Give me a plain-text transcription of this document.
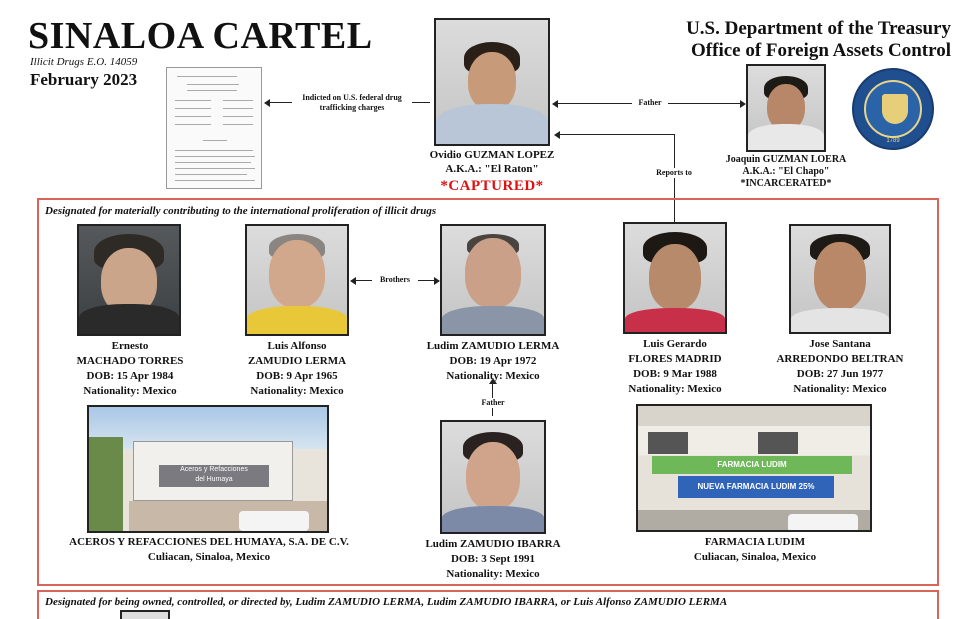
SINALOA CARTEL
Illicit Drugs E.O. 14059
February 2023
U.S. Department of the Treasury
Office of Foreign Assets Control
1789
Indicted on U.S. federal drug trafficking charges
Ovidio GUZMAN LOPEZ
A.K.A.: "El Raton"
*CAPTURED*
Father
Joaquin GUZMAN LOERA
A.K.A.: "El Chapo"
*INCARCERATED*
Reports to
Designated for materially contributing to the international proliferation of illicit drugs
Ernesto
MACHADO TORRES
DOB: 15 Apr 1984
Nationality: Mexico
Luis Alfonso
ZAMUDIO LERMA
DOB: 9 Apr 1965
Nationality: Mexico
Brothers
Ludim ZAMUDIO LERMA
DOB: 19 Apr 1972
Nationality: Mexico
Father
Ludim ZAMUDIO IBARRA
DOB: 3 Sept 1991
Nationality: Mexico
Luis Gerardo
FLORES MADRID
DOB: 9 Mar 1988
Nationality: Mexico
Jose Santana
ARREDONDO BELTRAN
DOB: 27 Jun 1977
Nationality: Mexico
Aceros y Refacciones
del Humaya
ACEROS Y REFACCIONES DEL HUMAYA, S.A. DE C.V.
Culiacan, Sinaloa, Mexico
FARMACIA LUDIM
NUEVA FARMACIA LUDIM 25%
FARMACIA LUDIM
Culiacan, Sinaloa, Mexico
Designated for being owned, controlled, or directed by, Ludim ZAMUDIO LERMA, Ludim ZAMUDIO IBARRA, or Luis Alfonso ZAMUDIO LERMA
